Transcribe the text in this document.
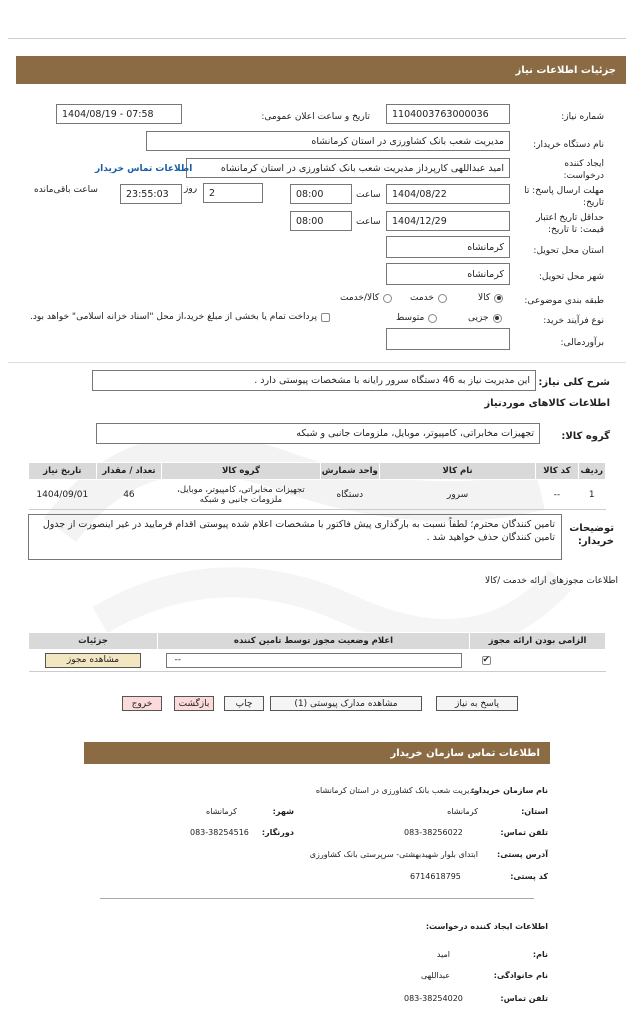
جزئیات اطلاعات نیاز
شماره نیاز:
1104003763000036
تاریخ و ساعت اعلان عمومی:
1404/08/19 - 07:58
نام دستگاه خریدار:
مدیریت شعب بانک کشاورزی در استان کرمانشاه
ایجاد کننده درخواست:
امید عبداللهی کارپرداز مدیریت شعب بانک کشاورزی در استان کرمانشاه
اطلاعات تماس خریدار
مهلت ارسال پاسخ: تا تاریخ:
1404/08/22
ساعت
08:00
2
روز
23:55:03
ساعت باقی‌مانده
حداقل تاریخ اعتبار قیمت: تا تاریخ:
1404/12/29
ساعت
08:00
استان محل تحویل:
کرمانشاه
شهر محل تحویل:
کرمانشاه
طبقه بندی موضوعی:
کالا
خدمت
کالا/خدمت
نوع فرآیند خرید:
جزیی
متوسط
پرداخت تمام یا بخشی از مبلغ خرید،از محل "اسناد خزانه اسلامی" خواهد بود.
برآوردمالی:
شرح کلی نیاز:
این مدیریت نیاز به 46 دستگاه سرور رایانه با مشخصات پیوستی دارد .
اطلاعات کالاهای موردنیاز
گروه کالا:
تجهیزات مخابراتی، کامپیوتر، موبایل، ملزومات جانبی و شبکه
ردیف	کد کالا	نام کالا	واحد شمارش	گروه کالا	تعداد / مقدار	تاریخ نیاز
1	--	سرور	دستگاه	تجهیزات مخابراتی، کامپیوتر، موبایل، ملزومات جانبی و شبکه	46	1404/09/01
توضیحات خریدار:
تامین کنندگان محترم؛ لطفاً نسبت به بارگذاری پیش فاکتور با مشخصات اعلام شده پیوستی اقدام فرمایید در غیر اینصورت از جدول تامین کنندگان حذف خواهید شد .
اطلاعات مجوزهای ارائه خدمت /کالا
الزامی بودن ارائه مجوز	اعلام وضعیت مجوز توسط تامین کننده	جزئیات

✔	--	مشاهده مجوز
پاسخ به نیاز
مشاهده مدارک پیوستی (1)
چاپ
بازگشت
خروج
اطلاعات تماس سازمان خریدار
نام سازمان خریدار:
مدیریت شعب بانک کشاورزی در استان کرمانشاه
استان:
کرمانشاه
شهر:
کرمانشاه
تلفن تماس:
083-38256022
دورنگار:
083-38254516
آدرس پستی:
ابتدای بلوار شهیدبهشتی- سرپرستی بانک کشاورزی
کد پستی:
6714618795
اطلاعات ایجاد کننده درخواست:
نام:
امید
نام خانوادگی:
عبداللهی
تلفن تماس:
083-38254020
